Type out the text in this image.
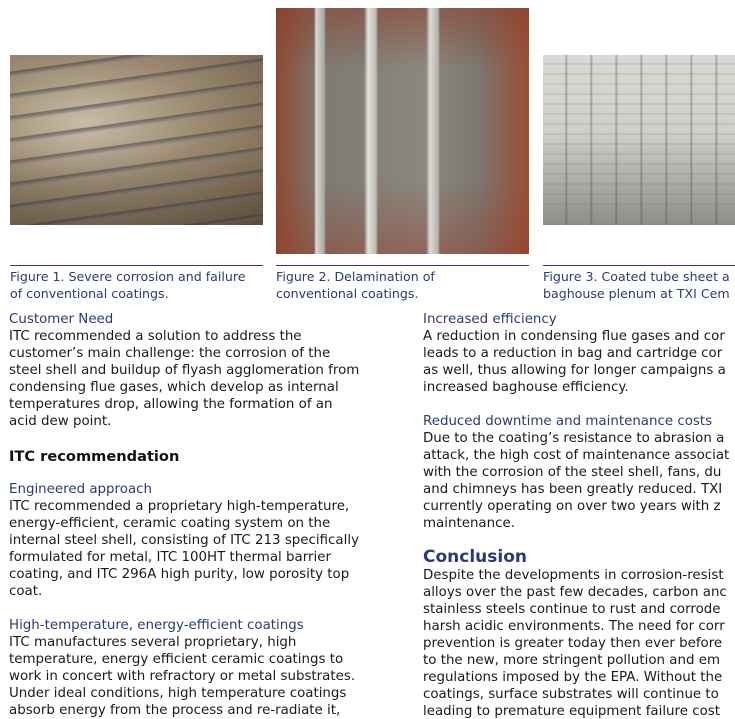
Figure 1. Severe corrosion and failure
of conventional coatings.
Figure 2. Delamination of
conventional coatings.
Figure 3. Coated tube sheet a
baghouse plenum at TXI Cem

Customer Need

ITC recommended a solution to address the

customer’s main challenge: the corrosion of the

steel shell and buildup of flyash agglomeration from

condensing flue gases, which develop as internal

temperatures drop, allowing the formation of an

acid dew point.

ITC recommendation

Engineered approach

ITC recommended a proprietary high-temperature,

energy-efficient, ceramic coating system on the

internal steel shell, consisting of ITC 213 specifically

formulated for metal, ITC 100HT thermal barrier

coating, and ITC 296A high purity, low porosity top

coat.

High-temperature, energy-efficient coatings

ITC manufactures several proprietary, high

temperature, energy efficient ceramic coatings to

work in concert with refractory or metal substrates.

Under ideal conditions, high temperature coatings

absorb energy from the process and re-radiate it,

Increased efficiency

A reduction in condensing flue gases and cor

leads to a reduction in bag and cartridge cor

as well, thus allowing for longer campaigns a

increased baghouse efficiency.

Reduced downtime and maintenance costs

Due to the coating’s resistance to abrasion a

attack, the high cost of maintenance associat

with the corrosion of the steel shell, fans, du

and chimneys has been greatly reduced. TXI

currently operating on over two years with z

maintenance.

Conclusion

Despite the developments in corrosion-resist

alloys over the past few decades, carbon anc

stainless steels continue to rust and corrode

harsh acidic environments. The need for corr

prevention is greater today then ever before

to the new, more stringent pollution and em

regulations imposed by the EPA. Without the

coatings, surface substrates will continue to

leading to premature equipment failure cost
